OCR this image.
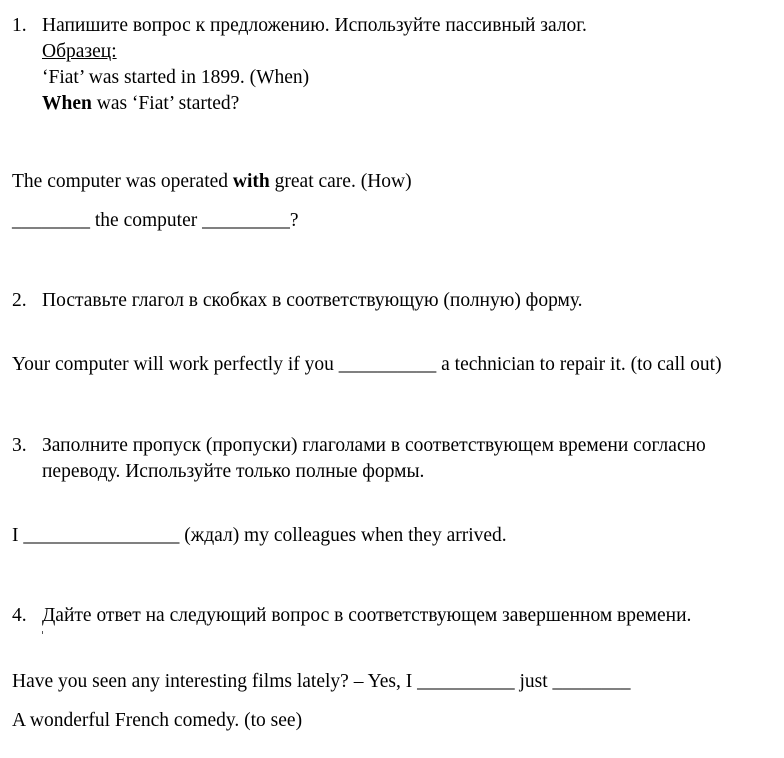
1. Напишите вопрос к предложению. Используйте пассивный залог.
Образец:
‘Fiat’ was started in 1899. (When)
When was ‘Fiat’ started?
The computer was operated with great care. (How)
________ the computer _________?
2. Поставьте глагол в скобках в соответствующую (полную) форму.
Your computer will work perfectly if you __________ a technician to repair it. (to call out)
3. Заполните пропуск (пропуски) глаголами в соответствующем времени согласно
переводу. Используйте только полные формы.
I ________________ (ждал) my colleagues when they arrived.
4. Дайте ответ на следующий вопрос в соответствующем завершенном времени.
Have you seen any interesting films lately? – Yes, I __________ just ________
A wonderful French comedy. (to see)
